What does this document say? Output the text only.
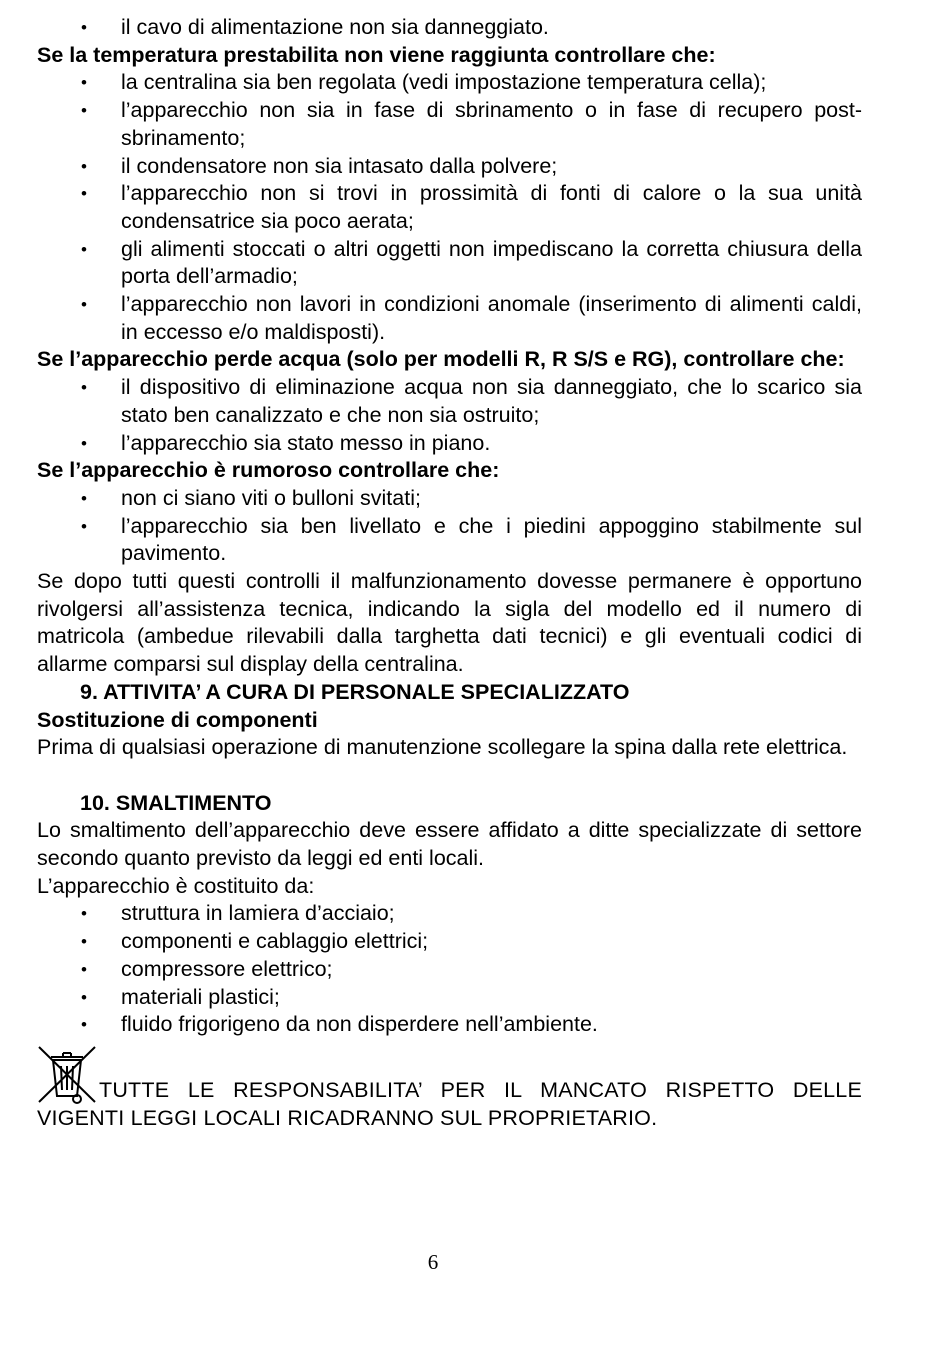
• il cavo di alimentazione non sia danneggiato.

Se la temperatura prestabilita non viene raggiunta controllare che:

• la centralina sia ben regolata (vedi impostazione temperatura cella);
• l’apparecchio non sia in fase di sbrinamento o in fase di recupero post-sbrinamento;
• il condensatore non sia intasato dalla polvere;
• l’apparecchio non si trovi in prossimità di fonti di calore o la sua unità condensatrice sia poco aerata;
• gli alimenti stoccati o altri oggetti non impediscano la corretta chiusura della porta dell’armadio;
• l’apparecchio non lavori in condizioni anomale (inserimento di alimenti caldi, in eccesso e/o maldisposti).

Se l’apparecchio perde acqua (solo per modelli R, R S/S e RG), controllare che:

• il dispositivo di eliminazione acqua non sia danneggiato, che lo scarico sia stato ben canalizzato e che non sia ostruito;
• l’apparecchio sia stato messo in piano.

Se l’apparecchio è rumoroso controllare che:

• non ci siano viti o bulloni svitati;
• l’apparecchio sia ben livellato e che i piedini appoggino stabilmente sul pavimento.

Se dopo tutti questi controlli il malfunzionamento dovesse permanere è opportuno rivolgersi all’assistenza tecnica, indicando la sigla del modello ed il numero di matricola (ambedue rilevabili dalla targhetta dati tecnici) e gli eventuali codici di allarme comparsi sul display della centralina.

9. ATTIVITA’ A CURA DI PERSONALE SPECIALIZZATO

Sostituzione di componenti

Prima di qualsiasi operazione di manutenzione scollegare la spina dalla rete elettrica.

10. SMALTIMENTO

Lo smaltimento dell’apparecchio deve essere affidato a ditte specializzate di settore secondo quanto previsto da leggi ed enti locali.

L’apparecchio è costituito da:

• struttura in lamiera d’acciaio;
• componenti e cablaggio elettrici;
• compressore elettrico;
• materiali plastici;
• fluido frigorigeno da non disperdere nell’ambiente.

TUTTE LE RESPONSABILITA’ PER IL MANCATO RISPETTO DELLE VIGENTI LEGGI LOCALI RICADRANNO SUL PROPRIETARIO.

6
